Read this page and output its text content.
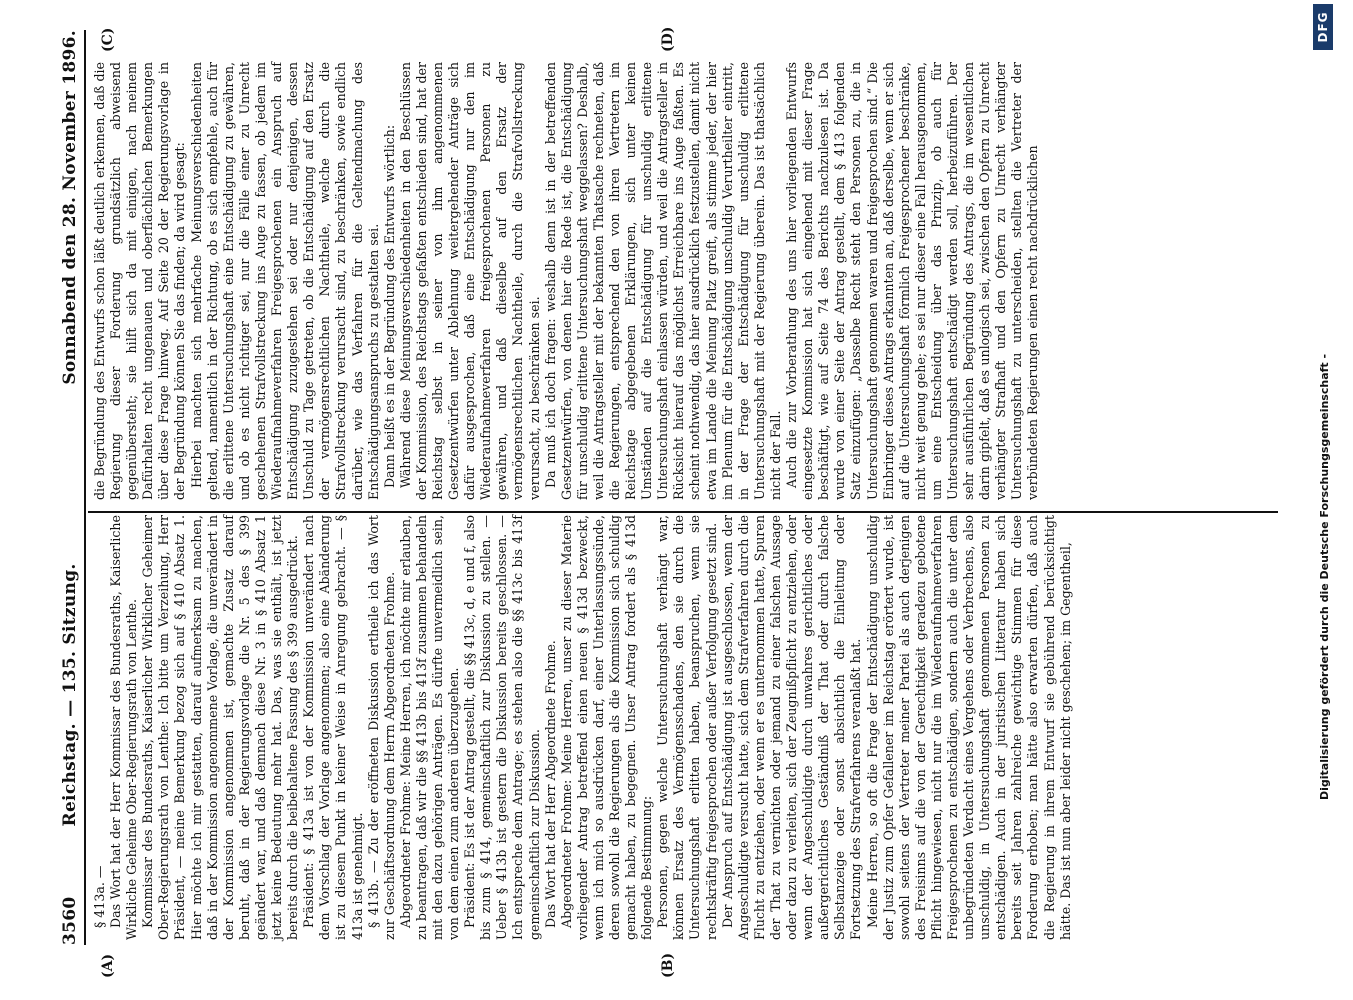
3560
Reichstag. — 135. Sitzung.
Sonnabend den 28. November 1896.
(A)	(B)
(C)	(D)

§ 413a. — Das Wort hat der Herr Kommissar des Bundesraths, Kaiserliche Wirkliche Geheime Ober-Regierungsrath von Lenthe. Kommissar des Bundesraths, Kaiserlicher Wirklicher Geheimer Ober-Regierungsrath von Lenthe: Ich bitte um Verzeihung, Herr Präsident, — meine Bemerkung bezog sich auf § 410 Absatz 1. Hier möchte ich mir gestatten, darauf aufmerksam zu machen, daß in der Kommission angenommene Vorlage, die unverändert in der Kommission angenommen ist, gemachte Zusatz darauf beruht, daß in der Regierungsvorlage die Nr. 5 des § 399 geändert war, und daß demnach diese Nr. 3 in § 410 Absatz 1 jetzt keine Bedeutung mehr hat. Das, was sie enthält, ist jetzt bereits durch die beibehaltene Fassung des § 399 ausgedrückt. Präsident: § 413a ist von der Kommission unverändert nach dem Vorschlag der Vorlage angenommen; also eine Abänderung ist zu diesem Punkt in keiner Weise in Anregung gebracht. — § 413a ist genehmigt. § 413b. — Zu der eröffneten Diskussion ertheile ich das Wort zur Geschäftsordnung dem Herrn Abgeordneten Frohme. Abgeordneter Frohme: Meine Herren, ich möchte mir erlauben, zu beantragen, daß wir die §§ 413b bis 413f zusammen behandeln mit den dazu gehörigen Anträgen. Es dürfte unvermeidlich sein, von dem einen zum anderen überzugehen. Präsident: Es ist der Antrag gestellt, die §§ 413c, d, e und f, also bis zum § 414, gemeinschaftlich zur Diskussion zu stellen. — Ueber § 413b ist gestern die Diskussion bereits geschlossen. — Ich entspreche dem Antrage; es stehen also die §§ 413c bis 413f gemeinschaftlich zur Diskussion. Das Wort hat der Herr Abgeordnete Frohme. Abgeordneter Frohme: Meine Herren, unser zu dieser Materie vorliegender Antrag betreffend einen neuen § 413d bezweckt, wenn ich mich so ausdrücken darf, einer Unterlassungssünde, deren sowohl die Regierungen als die Kommission sich schuldig gemacht haben, zu begegnen. Unser Antrag fordert als § 413d folgende Bestimmung: Personen, gegen welche Untersuchungshaft verhängt war, können Ersatz des Vermögensschadens, den sie durch die Untersuchungshaft erlitten haben, beanspruchen, wenn sie rechtskräftig freigesprochen oder außer Verfolgung gesetzt sind. Der Anspruch auf Entschädigung ist ausgeschlossen, wenn der Angeschuldigte versucht hatte, sich dem Strafverfahren durch die Flucht zu entziehen, oder wenn er es unternommen hatte, Spuren der That zu vernichten oder jemand zu einer falschen Aussage oder dazu zu verleiten, sich der Zeugnißpflicht zu entziehen, oder wenn der Angeschuldigte durch unwahres gerichtliches oder außergerichtliches Geständniß der That oder durch falsche Selbstanzeige oder sonst absichtlich die Einleitung oder Fortsetzung des Strafverfahrens veranlaßt hat. Meine Herren, so oft die Frage der Entschädigung unschuldig der Justiz zum Opfer Gefallener im Reichstag erörtert wurde, ist sowohl seitens der Vertreter meiner Partei als auch derjenigen des Freisinns auf die von der Gerechtigkeit geradezu gebotene Pflicht hingewiesen, nicht nur die im Wiederaufnahmeverfahren Freigesprochenen zu entschädigen, sondern auch die unter dem unbegründeten Verdacht eines Vergehens oder Verbrechens, also unschuldig, in Untersuchungshaft genommenen Personen zu entschädigen. Auch in der juristischen Litteratur haben sich bereits seit Jahren zahlreiche gewichtige Stimmen für diese Forderung erhoben; man hätte also erwarten dürfen, daß auch die Regierung in ihrem Entwurf sie gebührend berücksichtigt hätte. Das ist nun aber leider nicht geschehen; im Gegentheil,

die Begründung des Entwurfs schon läßt deutlich erkennen, daß die Regierung dieser Forderung grundsätzlich abweisend gegenübersteht; sie hilft sich da mit einigen, nach meinem Dafürhalten recht ungenauen und oberflächlichen Bemerkungen über diese Frage hinweg. Auf Seite 20 der Regierungsvorlage in der Begründung können Sie das finden; da wird gesagt: Hierbei machten sich mehrfache Meinungsverschiedenheiten geltend, namentlich in der Richtung, ob es sich empfehle, auch für die erlittene Untersuchungshaft eine Entschädigung zu gewähren, und ob es nicht richtiger sei, nur die Fälle einer zu Unrecht geschehenen Strafvollstreckung ins Auge zu fassen, ob jedem im Wiederaufnahmeverfahren Freigesprochenen ein Anspruch auf Entschädigung zuzugestehen sei oder nur denjenigen, dessen Unschuld zu Tage getreten, ob die Entschädigung auf den Ersatz der vermögensrechtlichen Nachtheile, welche durch die Strafvollstreckung verursacht sind, zu beschränken, sowie endlich darüber, wie das Verfahren für die Geltendmachung des Entschädigungsanspruchs zu gestalten sei. Dann heißt es in der Begründung des Entwurfs wörtlich: Während diese Meinungsverschiedenheiten in den Beschlüssen der Kommission, des Reichstags gefaßten entschieden sind, hat der Reichstag selbst in seiner von ihm angenommenen Gesetzentwürfen unter Ablehnung weitergehender Anträge sich dafür ausgesprochen, daß eine Entschädigung nur den im Wiederaufnahmeverfahren freigesprochenen Personen zu gewähren, und daß dieselbe auf den Ersatz der vermögensrechtlichen Nachtheile, durch die Strafvollstreckung verursacht, zu beschränken sei. Da muß ich doch fragen: weshalb denn ist in der betreffenden Gesetzentwürfen, von denen hier die Rede ist, die Entschädigung für unschuldig erlittene Untersuchungshaft weggelassen? Deshalb, weil die Antragsteller mit der bekannten Thatsache rechneten, daß die Regierungen, entsprechend den von ihren Vertretern im Reichstage abgegebenen Erklärungen, sich unter keinen Umständen auf die Entschädigung für unschuldig erlittene Untersuchungshaft einlassen würden, und weil die Antragsteller in Rücksicht hierauf das möglichst Erreichbare ins Auge faßten. Es scheint nothwendig, das hier ausdrücklich festzustellen, damit nicht etwa im Lande die Meinung Platz greift, als stimme jeder, der hier im Plenum für die Entschädigung unschuldig Verurtheilter eintritt, in der Frage der Entschädigung für unschuldig erlittene Untersuchungshaft mit der Regierung überein. Das ist thatsächlich nicht der Fall. Auch die zur Vorberathung des uns hier vorliegenden Entwurfs eingesetzte Kommission hat sich eingehend mit dieser Frage beschäftigt, wie auf Seite 74 des Berichts nachzulesen ist. Da wurde von einer Seite der Antrag gestellt, dem § 413 folgenden Satz einzufügen: „Dasselbe Recht steht den Personen zu, die in Untersuchungshaft genommen waren und freigesprochen sind.“ Die Einbringer dieses Antrags erkannten an, daß derselbe, wenn er sich auf die Untersuchungshaft förmlich Freigesprochener beschränke, nicht weit genug gehe; es sei nur dieser eine Fall herausgenommen, um eine Entscheidung über das Prinzip, ob auch für Untersuchungshaft entschädigt werden soll, herbeizuführen. Der sehr ausführlichen Begründung des Antrags, die im wesentlichen darin gipfelt, daß es unlogisch sei, zwischen den Opfern zu Unrecht verhängter Strafhaft und den Opfern zu Unrecht verhängter Untersuchungshaft zu unterscheiden, stellten die Vertreter der verbündeten Regierungen einen recht nachdrücklichen

Digitalisierung gefördert durch die Deutsche Forschungsgemeinschaft -
DFG
